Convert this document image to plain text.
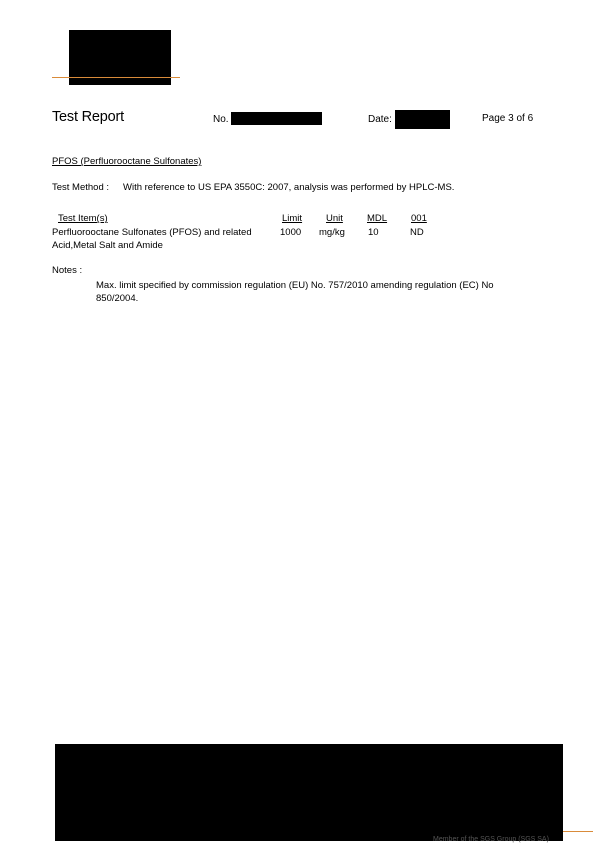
Test Report	No.	Date:	Page 3 of 6
PFOS (Perfluorooctane Sulfonates)
Test Method : With reference to US EPA 3550C: 2007, analysis was performed by HPLC-MS.
Test Item(s)	Limit	Unit	MDL	001
Perfluorooctane Sulfonates (PFOS) and related
Acid,Metal Salt and Amide
1000 mg/kg 10	ND
Notes :
Max. limit specified by commission regulation (EU) No. 757/2010 amending regulation (EC) No 850/2004.
Member of the SGS Group (SGS SA)
